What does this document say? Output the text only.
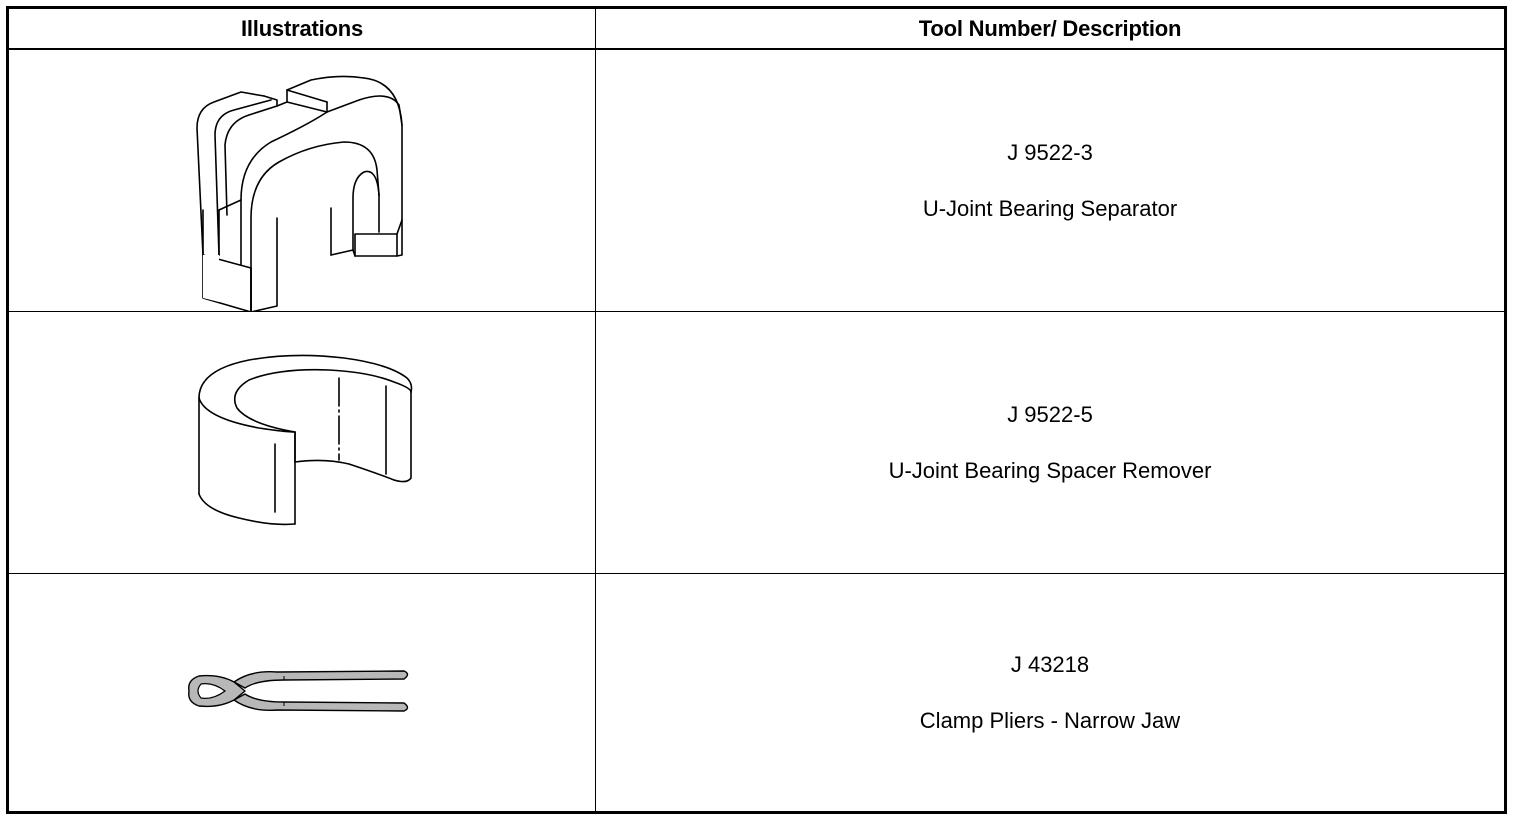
Illustrations	Tool Number/ Description
J 9522-3
U-Joint Bearing Separator
J 9522-5
U-Joint Bearing Spacer Remover
J 43218
Clamp Pliers - Narrow Jaw
